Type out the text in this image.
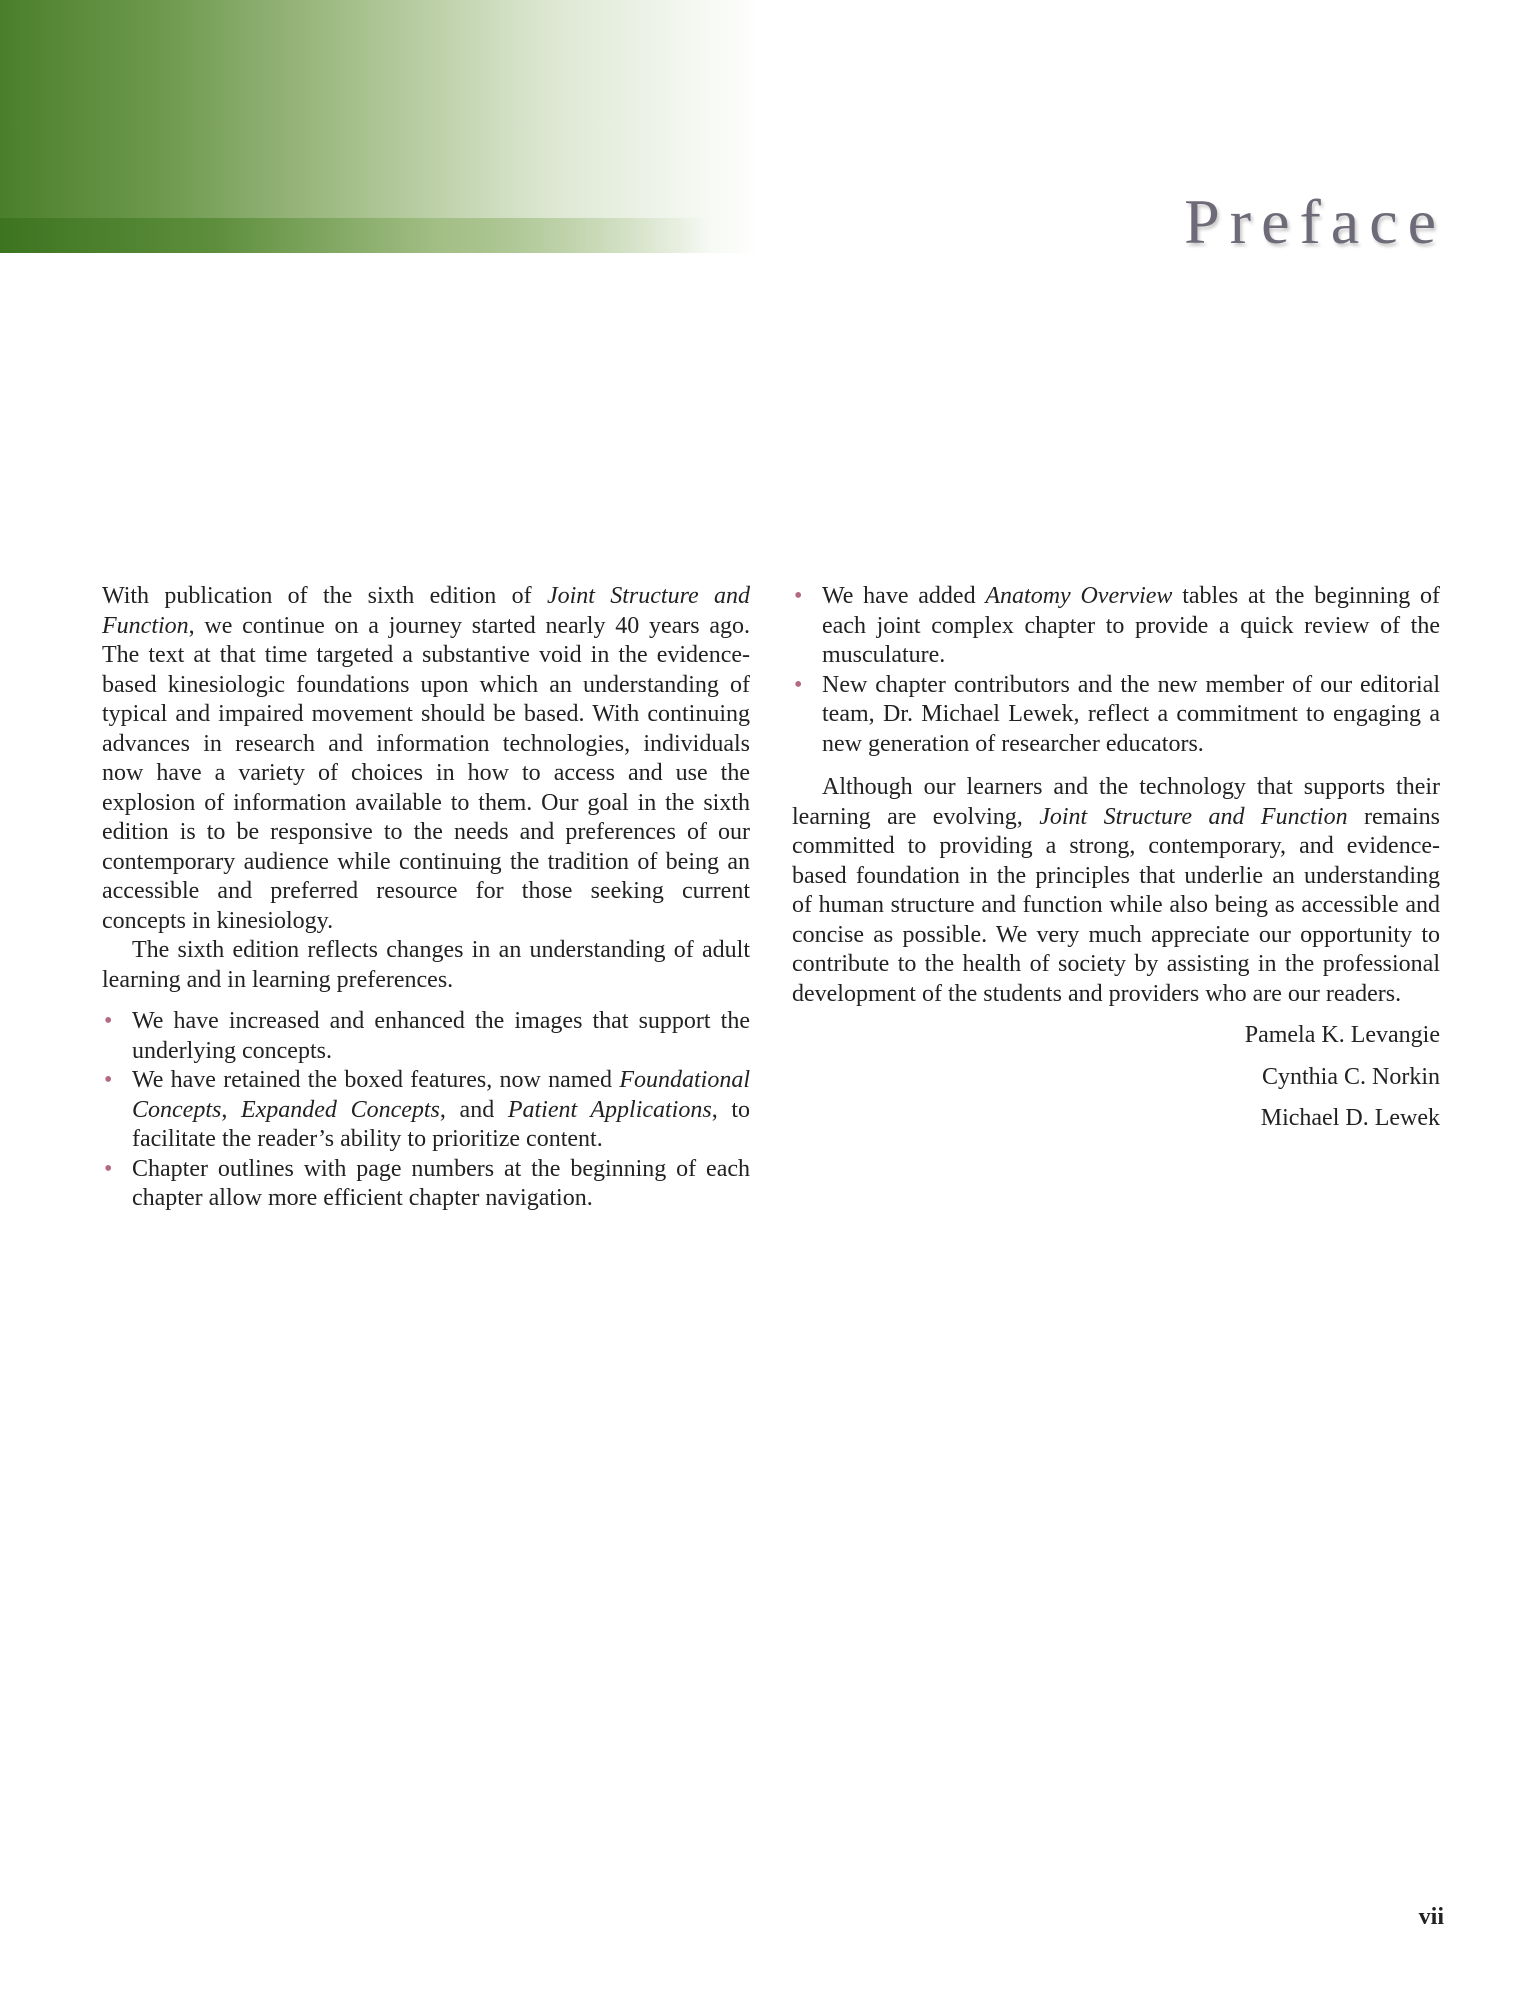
Preface

With publication of the sixth edition of Joint Structure and Function, we continue on a journey started nearly 40 years ago. The text at that time targeted a substantive void in the evidence-based kinesiologic foundations upon which an understanding of typical and impaired movement should be based. With continuing advances in research and information technologies, individuals now have a variety of choices in how to access and use the explosion of information available to them. Our goal in the sixth edition is to be responsive to the needs and preferences of our contemporary audience while continuing the tradition of being an accessible and preferred resource for those seeking current concepts in kinesiology.

The sixth edition reflects changes in an understanding of adult learning and in learning preferences.

• We have increased and enhanced the images that support the underlying concepts.
• We have retained the boxed features, now named Foundational Concepts, Expanded Concepts, and Patient Applications, to facilitate the reader’s ability to prioritize content.
• Chapter outlines with page numbers at the beginning of each chapter allow more efficient chapter navigation.
• We have added Anatomy Overview tables at the beginning of each joint complex chapter to provide a quick review of the musculature.
• New chapter contributors and the new member of our editorial team, Dr. Michael Lewek, reflect a commitment to engaging a new generation of researcher educators.

Although our learners and the technology that supports their learning are evolving, Joint Structure and Function remains committed to providing a strong, contemporary, and evidence-based foundation in the principles that underlie an understanding of human structure and function while also being as accessible and concise as possible. We very much appreciate our opportunity to contribute to the health of society by assisting in the professional development of the students and providers who are our readers.

Pamela K. Levangie
Cynthia C. Norkin
Michael D. Lewek
vii
